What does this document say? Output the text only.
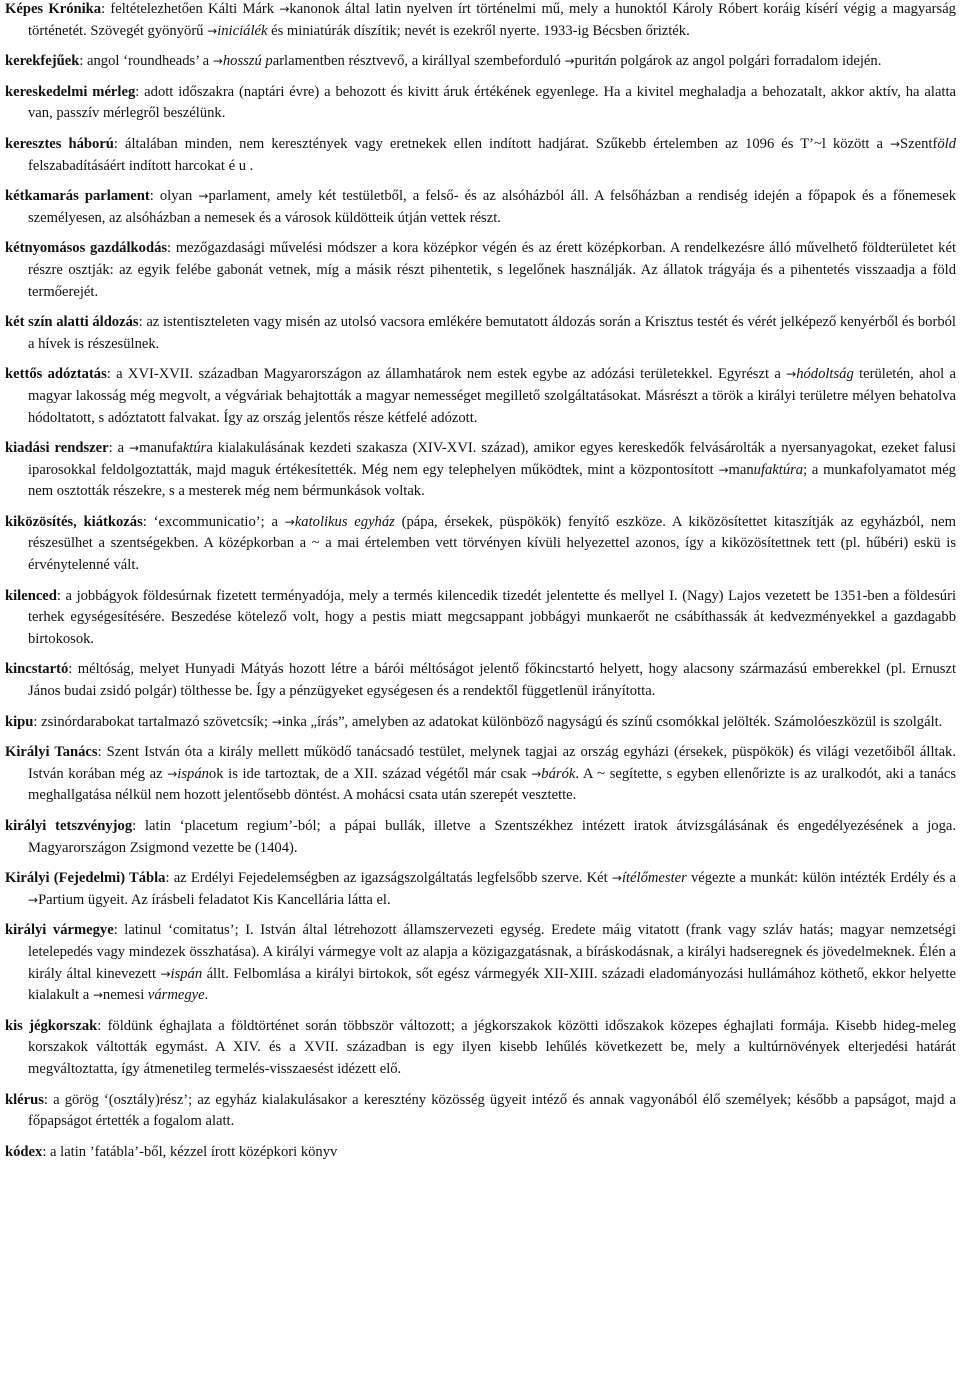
Képes Krónika: feltételezhetően Kálti Márk →kanonok által latin nyelven írt történelmi mű, mely a hunoktól Károly Róbert koráig kísérí végig a magyarság történetét. Szövegét gyönyörű →iniciálék és miniatúrák díszítik; nevét is ezekről nyerte. 1933-ig Bécsben őrizték.

kerekfejűek: angol ‘roundheads’ a →hosszú parlamentben résztvevő, a királlyal szembeforduló →puritán polgárok az angol polgári forradalom idején.

kereskedelmi mérleg: adott időszakra (naptári évre) a behozott és kivitt áruk értékének egyenlege. Ha a kivitel meghaladja a behozatalt, akkor aktív, ha alatta van, passzív mérlegről beszélünk.

keresztes háború: általában minden, nem keresztények vagy eretnekek ellen indított hadjárat. Szűkebb értelemben az 1096 és T’~l között a →Szentföld felszabadításáért indított harcokat é u .

kétkamarás parlament: olyan →parlament, amely két testületből, a felső- és az alsóházból áll. A felsőházban a rendiség idején a főpapok és a főnemesek személyesen, az alsóházban a nemesek és a városok küldötteik útján vettek részt.

kétnyomásos gazdálkodás: mezőgazdasági művelési módszer a kora középkor végén és az érett középkorban. A rendelkezésre álló művelhető földterületet két részre osztják: az egyik felébe gabonát vetnek, míg a másik részt pihentetik, s legelőnek használják. Az állatok trágyája és a pihentetés visszaadja a föld termőerejét.

két szín alatti áldozás: az istentiszteleten vagy misén az utolsó vacsora emlékére bemutatott áldozás során a Krisztus testét és vérét jelképező kenyérből és borból a hívek is részesülnek.

kettős adóztatás: a XVI-XVII. században Magyarországon az államhatárok nem estek egybe az adózási területekkel. Egyrészt a →hódoltság területén, ahol a magyar lakosság még megvolt, a végváriak behajtották a magyar nemességet megillető szolgáltatásokat. Másrészt a török a királyi területre mélyen behatolva hódoltatott, s adóztatott falvakat. Így az ország jelentős része kétfelé adózott.

kiadási rendszer: a →manufaktúra kialakulásának kezdeti szakasza (XIV-XVI. század), amikor egyes kereskedők felvásárolták a nyersanyagokat, ezeket falusi iparosokkal feldolgoztatták, majd maguk értékesítették. Még nem egy telephelyen működtek, mint a központosított →manufaktúra; a munkafolyamatot még nem osztották részekre, s a mesterek még nem bérmunkások voltak.

kiközösítés, kiátkozás: ‘excommunicatio’; a →katolikus egyház (pápa, érsekek, püspökök) fenyítő eszköze. A kiközösítettet kitaszítják az egyházból, nem részesülhet a szentségekben. A középkorban a ~ a mai értelemben vett törvényen kívüli helyezettel azonos, így a kiközösítettnek tett (pl. hűbéri) eskü is érvénytelenné vált.

kilenced: a jobbágyok földesúrnak fizetett terményadója, mely a termés kilencedik tizedét jelentette és mellyel I. (Nagy) Lajos vezetett be 1351-ben a földesúri terhek egységesítésére. Beszedése kötelező volt, hogy a pestis miatt megcsappant jobbágyi munkaerőt ne csábíthassák át kedvezményekkel a gazdagabb birtokosok.

kincstartó: méltóság, melyet Hunyadi Mátyás hozott létre a bárói méltóságot jelentő főkincstartó helyett, hogy alacsony származású emberekkel (pl. Ernuszt János budai zsidó polgár) tölthesse be. Így a pénzügyeket egységesen és a rendektől függetlenül irányította.

kipu: zsinórdarabokat tartalmazó szövetcsík; →inka „írás”, amelyben az adatokat különböző nagyságú és színű csomókkal jelölték. Számolóeszközül is szolgált.

Királyi Tanács: Szent István óta a király mellett működő tanácsadó testület, melynek tagjai az ország egyházi (érsekek, püspökök) és világi vezetőiből álltak. István korában még az →ispánok is ide tartoztak, de a XII. század végétől már csak →bárók. A ~ segítette, s egyben ellenőrizte is az uralkodót, aki a tanács meghallgatása nélkül nem hozott jelentősebb döntést. A mohácsi csata után szerepét vesztette.

királyi tetszvényjog: latin ‘placetum regium’-ból; a pápai bullák, illetve a Szentszékhez intézett iratok átvizsgálásának és engedélyezésének a joga. Magyarországon Zsigmond vezette be (1404).

Királyi (Fejedelmi) Tábla: az Erdélyi Fejedelemségben az igazságszolgáltatás legfelsőbb szerve. Két →ítélőmester végezte a munkát: külön intézték Erdély és a →Partium ügyeit. Az írásbeli feladatot Kis Kancellária látta el.

királyi vármegye: latinul ‘comitatus’; I. István által létrehozott államszervezeti egység. Eredete máig vitatott (frank vagy szláv hatás; magyar nemzetségi letelepedés vagy mindezek összhatása). A királyi vármegye volt az alapja a közigazgatásnak, a bíráskodásnak, a királyi hadseregnek és jövedelmeknek. Élén a király által kinevezett →ispán állt. Felbomlása a királyi birtokok, sőt egész vármegyék XII-XIII. századi eladományozási hullámához köthető, ekkor helyette kialakult a →nemesi vármegye.

kis jégkorszak: földünk éghajlata a földtörténet során többször változott; a jégkorszakok közötti időszakok közepes éghajlati formája. Kisebb hideg-meleg korszakok váltották egymást. A XIV. és a XVII. században is egy ilyen kisebb lehűlés következett be, mely a kultúrnövények elterjedési határát megváltoztatta, így átmenetileg termelés-visszaesést idézett elő.

klérus: a görög ‘(osztály)rész’; az egyház kialakulásakor a keresztény közösség ügyeit intéző és annak vagyonából élő személyek; később a papságot, majd a főpapságot értették a fogalom alatt.

kódex: a latin ’fatábla’-ből, kézzel írott középkori könyv
